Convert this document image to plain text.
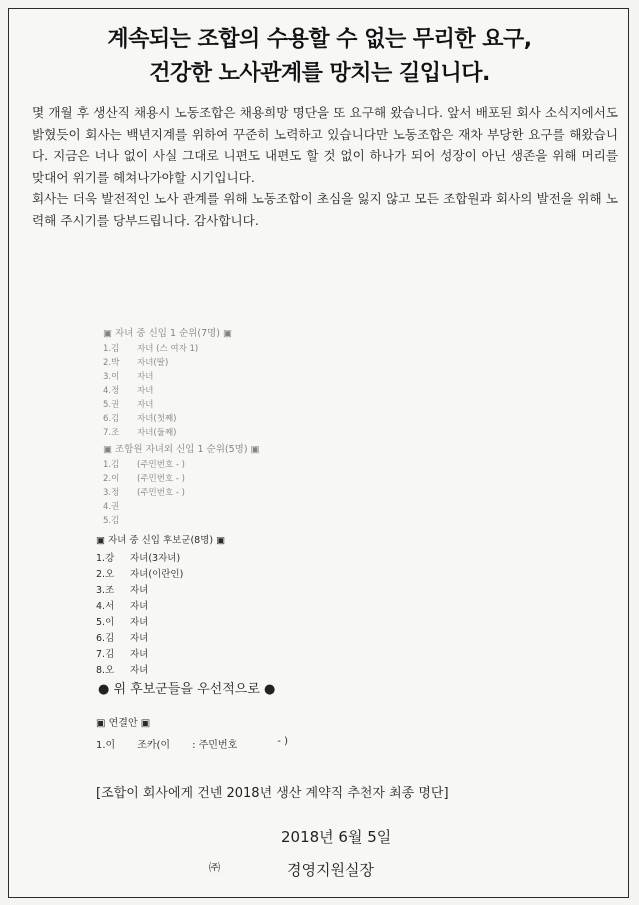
계속되는 조합의 수용할 수 없는 무리한 요구,
건강한 노사관계를 망치는 길입니다.

몇 개월 후 생산직 채용시 노동조합은 채용희망 명단을 또 요구해 왔습니다. 앞서 배포된 회사 소식지에서도 밝혔듯이 회사는 백년지계를 위하여 꾸준히 노력하고 있습니다만 노동조합은 재차 부당한 요구를 해왔습니다. 지금은 너나 없이 사실 그대로 니편도 내편도 할 것 없이 하나가 되어 성장이 아닌 생존을 위해 머리를 맞대어 위기를 헤쳐나가야할 시기입니다.

회사는 더욱 발전적인 노사 관계를 위해 노동조합이 초심을 잃지 않고 모든 조합원과 회사의 발전을 위해 노력해 주시기를 당부드립니다. 감사합니다.

▣ 자녀 중 신입 1 순위(7명) ▣
1.김	자녀 (스 여자 1)
2.박	자녀(딸)
3.이	자녀
4.정	자녀
5.권	자녀
6.김	자녀(첫째)
7.조	자녀(둘째)
▣ 조합원 자녀외 신입 1 순위(5명) ▣
1.김	(주민번호 - )
2.이	(주민번호 - )
3.정	(주민번호 - )
4.권
5.김
▣ 자녀 중 신입 후보군(8명) ▣
1.강	자녀(3자녀)
2.오	자녀(이란인)
3.조	자녀
4.서	자녀
5.이	자녀
6.김	자녀
7.김	자녀
8.오	자녀
● 위 후보군들을 우선적으로 ●
▣ 연결안 ▣
1.이 조카(이 : 주민번호	- )
[조합이 회사에게 건넨 2018년 생산 계약직 추천자 최종 명단]
2018년 6월 5일
㈜	경영지원실장
